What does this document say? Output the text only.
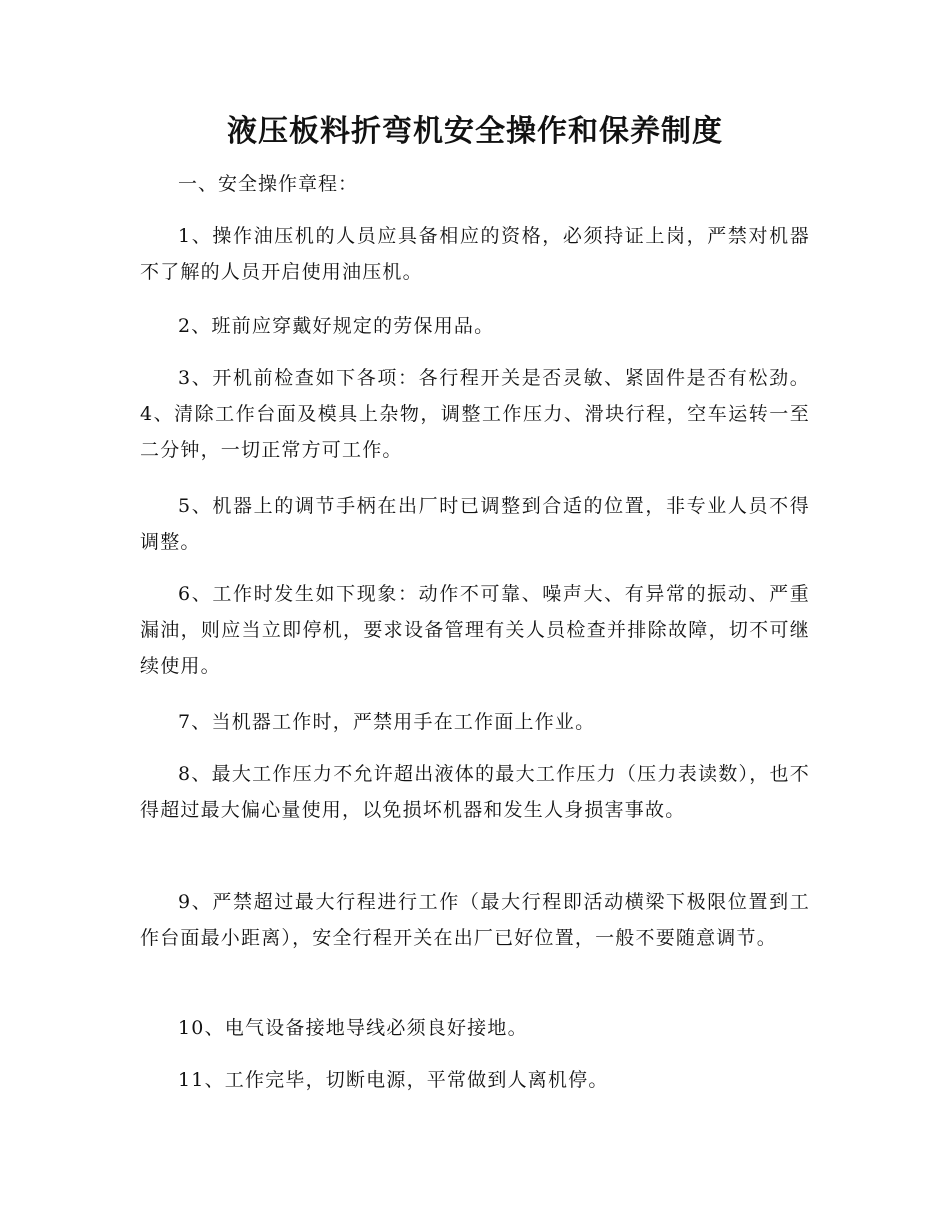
液压板料折弯机安全操作和保养制度

一、安全操作章程：

1、操作油压机的人员应具备相应的资格，必须持证上岗，严禁对机器不了解的人员开启使用油压机。

2、班前应穿戴好规定的劳保用品。

3、开机前检查如下各项：各行程开关是否灵敏、紧固件是否有松劲。4、清除工作台面及模具上杂物，调整工作压力、滑块行程，空车运转一至二分钟，一切正常方可工作。

5、机器上的调节手柄在出厂时已调整到合适的位置，非专业人员不得调整。

6、工作时发生如下现象：动作不可靠、噪声大、有异常的振动、严重漏油，则应当立即停机，要求设备管理有关人员检查并排除故障，切不可继续使用。

7、当机器工作时，严禁用手在工作面上作业。

8、最大工作压力不允许超出液体的最大工作压力（压力表读数），也不得超过最大偏心量使用，以免损坏机器和发生人身损害事故。

9、严禁超过最大行程进行工作（最大行程即活动横梁下极限位置到工作台面最小距离），安全行程开关在出厂已好位置，一般不要随意调节。

10、电气设备接地导线必须良好接地。

11、工作完毕，切断电源，平常做到人离机停。
